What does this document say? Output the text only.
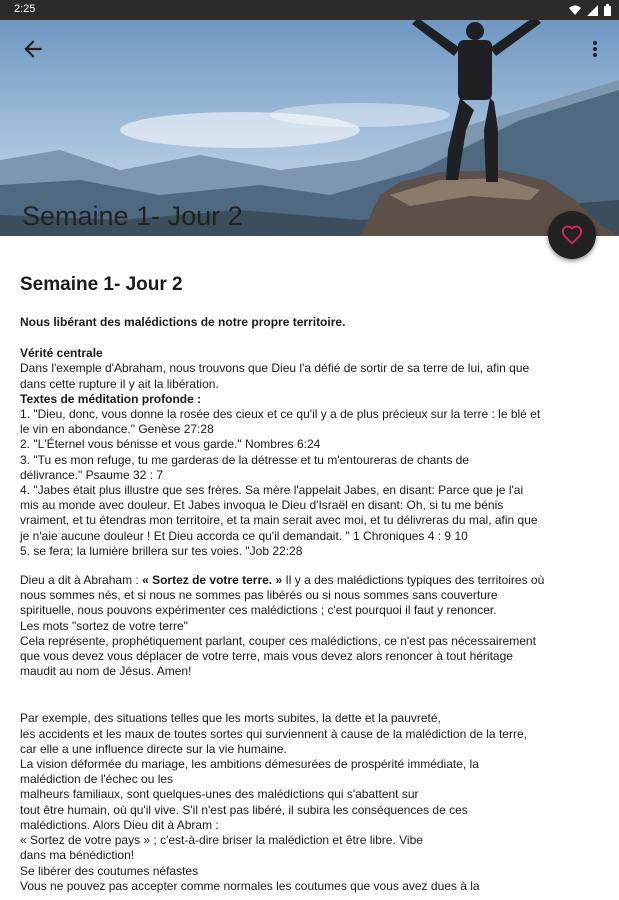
2:25
Semaine 1- Jour 2
Semaine 1- Jour 2

Nous libérant des malédictions de notre propre territoire.

Vérité centrale

Dans l'exemple d'Abraham, nous trouvons que Dieu l'a défié de sortir de sa terre de lui, afin que

dans cette rupture il y ait la libération.

Textes de méditation profonde :

1. "Dieu, donc, vous donne la rosée des cieux et ce qu'il y a de plus précieux sur la terre : le blé et

le vin en abondance." Genèse 27:28

2. "L'Éternel vous bénisse et vous garde." Nombres 6:24

3. "Tu es mon refuge, tu me garderas de la détresse et tu m'entoureras de chants de

délivrance." Psaume 32 : 7

4. "Jabes était plus illustre que ses frères. Sa mère l'appelait Jabes, en disant: Parce que je l'ai

mis au monde avec douleur. Et Jabes invoqua le Dieu d'Israël en disant: Oh, si tu me bénis

vraiment, et tu étendras mon territoire, et ta main serait avec moi, et tu délivreras du mal, afin que

je n'aie aucune douleur ! Et Dieu accorda ce qu'il demandait. " 1 Chroniques 4 : 9 10

5. se fera; la lumière brillera sur tes voies. "Job 22:28

Dieu a dit à Abraham : « Sortez de votre terre. » Il y a des malédictions typiques des territoires où

nous sommes nés, et si nous ne sommes pas libérés ou si nous sommes sans couverture

spirituelle, nous pouvons expérimenter ces malédictions ; c'est pourquoi il faut y renoncer.

Les mots "sortez de votre terre"

Cela représente, prophétiquement parlant, couper ces malédictions, ce n'est pas nécessairement

que vous devez vous déplacer de votre terre, mais vous devez alors renoncer à tout héritage

maudit au nom de Jésus. Amen!

Par exemple, des situations telles que les morts subites, la dette et la pauvreté,

les accidents et les maux de toutes sortes qui surviennent à cause de la malédiction de la terre,

car elle a une influence directe sur la vie humaine.

La vision déformée du mariage, les ambitions démesurées de prospérité immédiate, la

malédiction de l'échec ou les

malheurs familiaux, sont quelques-unes des malédictions qui s'abattent sur

tout être humain, où qu'il vive. S'il n'est pas libéré, il subira les conséquences de ces

malédictions. Alors Dieu dit à Abram :

« Sortez de votre pays » ; c'est-à-dire briser la malédiction et être libre. Vibe

dans ma bénédiction!

Se libérer des coutumes néfastes

Vous ne pouvez pas accepter comme normales les coutumes que vous avez dues à la
